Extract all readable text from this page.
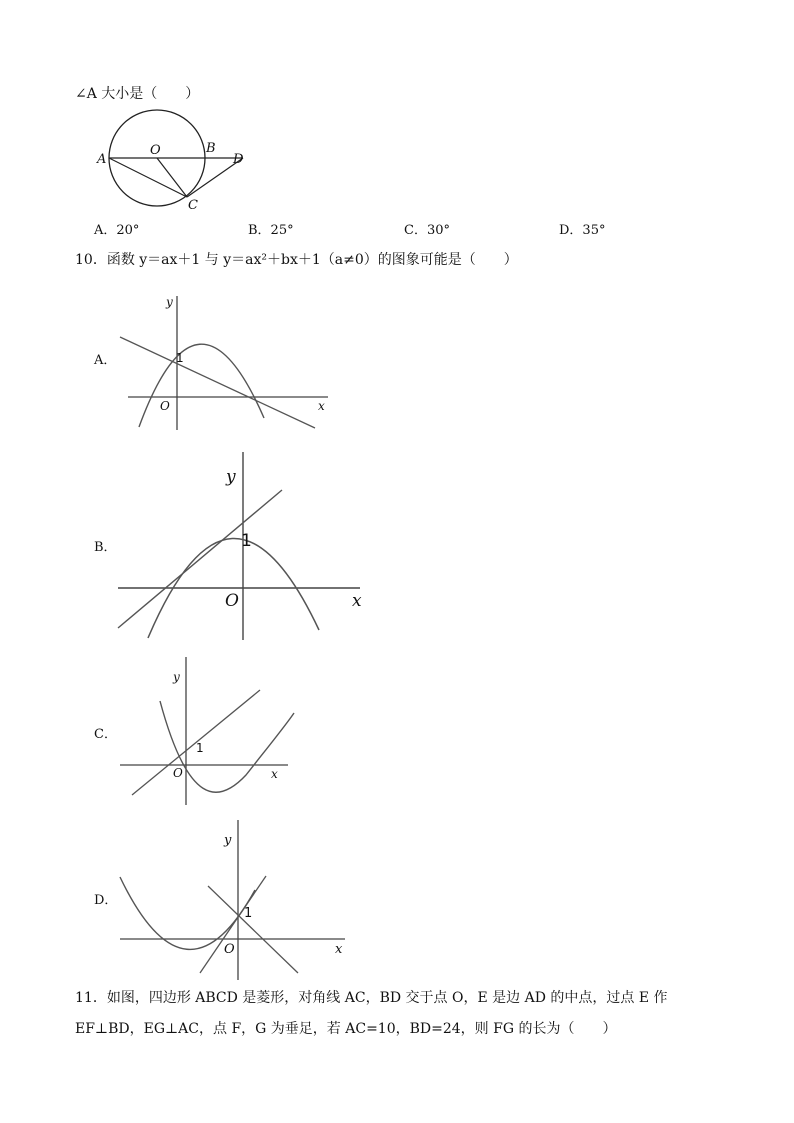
∠A 大小是（　　）
A
O	B
D
C
A．20°	B．25°	C．30°	D．35°
10．函数 y＝ax＋1 与 y＝ax²＋bx＋1（a≠0）的图象可能是（　　）
A．
y
x
O
1
B．
y
x
O
1
C．
y
x
O
1
D．
y
x
O
1
11．如图，四边形 ABCD 是菱形，对角线 AC，BD 交于点 O，E 是边 AD 的中点，过点 E 作
EF⊥BD，EG⊥AC，点 F，G 为垂足，若 AC=10，BD=24，则 FG 的长为（　　）
